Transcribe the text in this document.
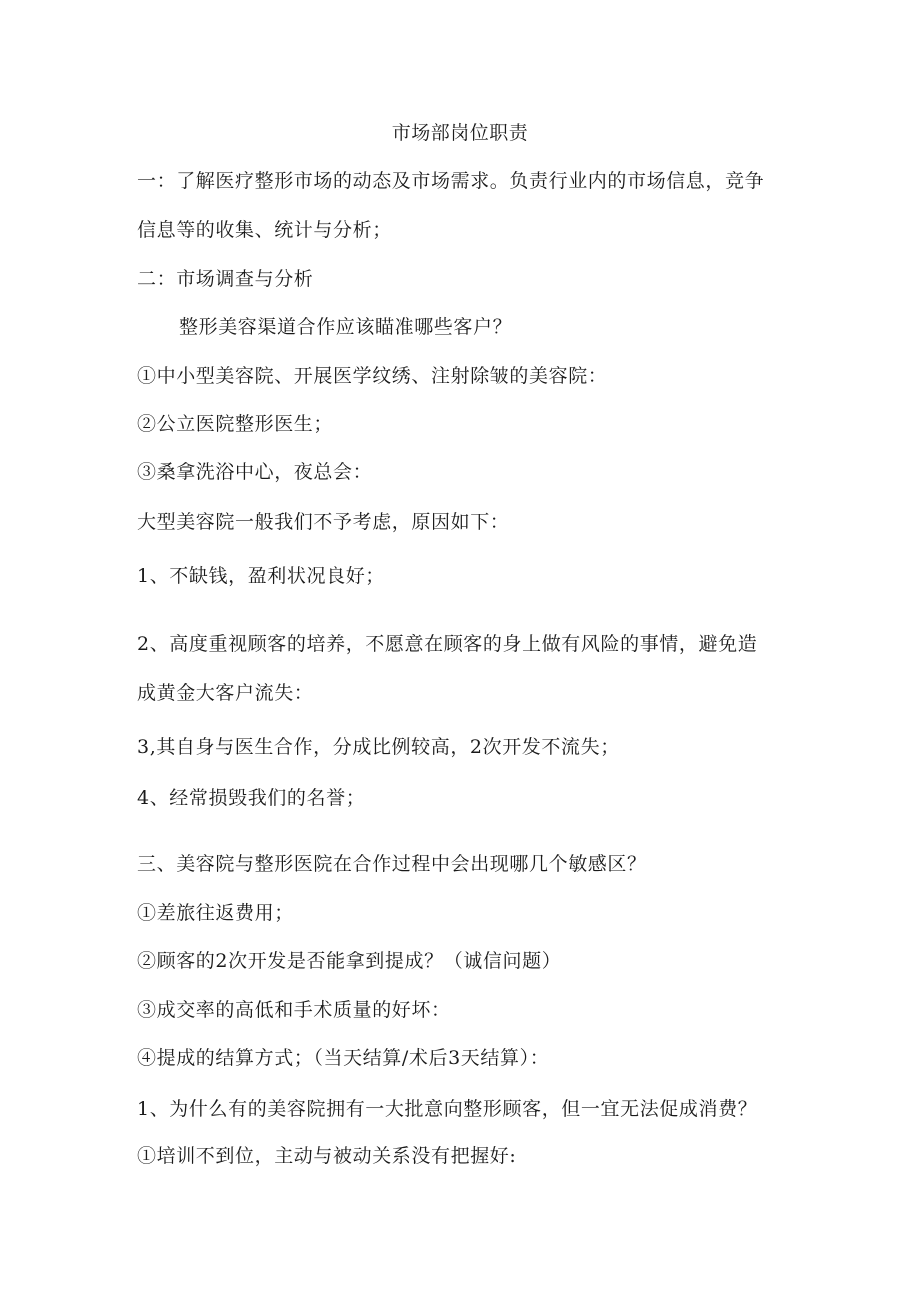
市场部岗位职责
一：了解医疗整形市场的动态及市场需求。负责行业内的市场信息，竞争
信息等的收集、统计与分析；
二：市场调查与分析
整形美容渠道合作应该瞄准哪些客户？
①中小型美容院、开展医学纹绣、注射除皱的美容院：
②公立医院整形医生；
③桑拿洗浴中心，夜总会：
大型美容院一般我们不予考虑，原因如下：
1、不缺钱，盈利状况良好；
2、高度重视顾客的培养，不愿意在顾客的身上做有风险的事情，避免造
成黄金大客户流失：
3,其自身与医生合作，分成比例较高，2次开发不流失；
4、经常损毁我们的名誉；
三、美容院与整形医院在合作过程中会出现哪几个敏感区？
①差旅往返费用；
②顾客的2次开发是否能拿到提成？（诚信问题）
③成交率的高低和手术质量的好坏：
④提成的结算方式；（当天结算/术后3天结算）：
1、为什么有的美容院拥有一大批意向整形顾客，但一宜无法促成消费？
①培训不到位，主动与被动关系没有把握好:
